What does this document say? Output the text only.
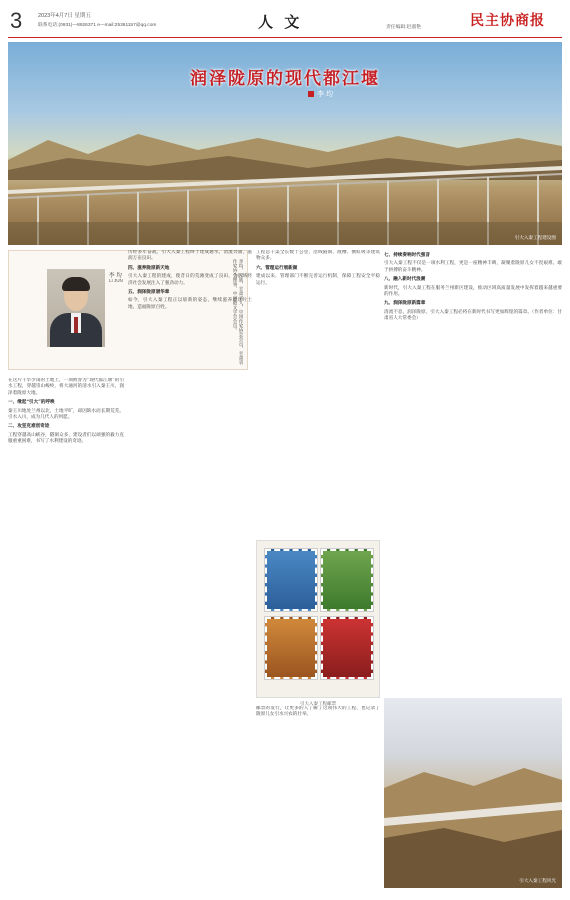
3	2023年4月7日 星期五
联系电话:(0931)—8926371 e—mail:25361157@qq.com	人 文	责任编辑:赵淑艳	民主协商报
润泽陇原的现代都江堰
李 均
引大入秦工程建设图
李 均
LI JUN	李均，汉族，甘肃省人，中国作家协会会员，甘肃省作家协会理事，中国散文学会会员。

在这片干旱少雨的土地上，一项被誉为“现代都江堰”的引水工程，穿越崇山峻岭，将大通河的清水引入秦王川，润泽着陇原大地。

一、缘起“引大”的呼唤

秦王川地处兰州以北，土地平旷，却因缺水而长期荒芜。引水入川，成为几代人的夙愿。

二、攻坚克难创奇迹

工程穿越高山峡谷，隧洞众多，建设者们以顽强的毅力克服重重困难，书写了水利建设的奇迹。

历经多年奋战，引大入秦工程终于建成通水，清流奔涌，滋润万亩良田。

四、滋养陇原新天地

引大入秦工程的建成，使昔日的荒滩变成了良田，为区域经济社会发展注入了强劲动力。

五、润泽陇原谱华章

如今，引大入秦工程正以崭新的姿态，继续滋养着这片土地，造福陇原百姓。

工程总干渠全长数十公里，沿线隧洞、渡槽、倒虹吸等建筑物众多。

六、管理运行展新颜

建成以来，管理部门不断完善运行机制，保障工程安全平稳运行。

引大入秦工程邮票

邮票的发行，让更多的人了解了这项伟大的工程，也记录了陇原儿女引水兴农的壮举。

七、持续奏响时代强音

引大入秦工程不仅是一项水利工程，更是一座精神丰碑，凝聚着陇原儿女不畏艰难、敢于拼搏的奋斗精神。

八、融入新时代浪潮

新时代，引大入秦工程在服务兰州新区建设、推动区域高质量发展中发挥着越来越重要的作用。

九、润泽陇原新篇章

清流不息，润泽陇原。引大入秦工程必将在新时代书写更加辉煌的篇章。（作者单位：甘肃省人大常委会）

引大入秦工程风光
